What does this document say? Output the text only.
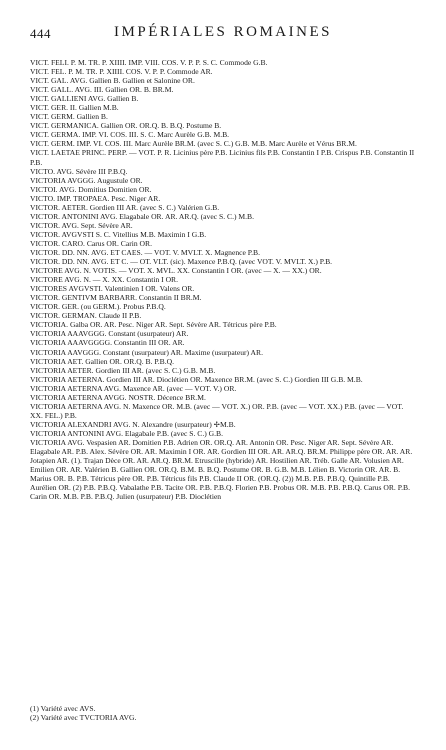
444	IMPÉRIALES ROMAINES

VICT. FELI. P. M. TR. P. XIIII. IMP. VIII. COS. V. P. P. S. C. Commode G.B.

VICT. FEL. P. M. TR. P. XIIII. COS. V. P. P. Commode AR.

VICT. GAL. AVG. Gallien B. Gallien et Salonine OR.

VICT. GALL. AVG. III. Gallien OR. B. BR.M.

VICT. GALLIENI AVG. Gallien B.

VICT. GER. II. Gallien M.B.

VICT. GERM. Gallien B.

VICT. GERMANICA. Gallien OR. OR.Q. B. B.Q. Postume B.

VICT. GERMA. IMP. VI. COS. III. S. C. Marc Aurèle G.B. M.B.

VICT. GERM. IMP. VI. COS. III. Marc Aurèle BR.M. (avec S. C.) G.B. M.B. Marc Aurèle et Vérus BR.M.

VICT. LAETAE PRINC. PERP. — VOT. P. R. Licinius père P.B. Licinius fils P.B. Constantin I P.B. Crispus P.B. Constantin II P.B.

VICTO. AVG. Sévère III P.B.Q.

VICTORIA AVGGG. Augustule OR.

VICTOI. AVG. Domitius Domitien OR.

VICTO. IMP. TROPAEA. Pesc. Niger AR.

VICTOR. AETER. Gordien III AR. (avec S. C.) Valérien G.B.

VICTOR. ANTONINI AVG. Elagabale OR. AR. AR.Q. (avec S. C.) M.B.

VICTOR. AVG. Sept. Sévère AR.

VICTOR. AVGVSTI S. C. Vitellius M.B. Maximin I G.B.

VICTOR. CARO. Carus OR. Carin OR.

VICTOR. DD. NN. AVG. ET CAES. — VOT. V. MVLT. X. Magnence P.B.

VICTOR. DD. NN. AVG. ET C. — OT. VLT. (sic). Maxence P.B.Q. (avec VOT. V. MVLT. X.) P.B.

VICTORE AVG. N. VOTIS. — VOT. X. MVL. XX. Constantin I OR. (avec — X. — XX.) OR.

VICTORE AVG. N. — X. XX. Constantin I OR.

VICTORES AVGVSTI. Valentinien I OR. Valens OR.

VICTOR. GENTIVM BARBARR. Constantin II BR.M.

VICTOR. GER. (ou GERM.). Probus P.B.Q.

VICTOR. GERMAN. Claude II P.B.

VICTORIA. Galba OR. AR. Pesc. Niger AR. Sept. Sévère AR. Tétricus père P.B.

VICTORIA AAAVGGG. Constant (usurpateur) AR.

VICTORIA AAAVGGGG. Constantin III OR. AR.

VICTORIA AAVGGG. Constant (usurpateur) AR. Maxime (usurpateur) AR.

VICTORIA AET. Gallien OR. OR.Q. B. P.B.Q.

VICTORIA AETER. Gordien III AR. (avec S. C.) G.B. M.B.

VICTORIA AETERNA. Gordien III AR. Dioclétien OR. Maxence BR.M. (avec S. C.) Gordien III G.B. M.B.

VICTORIA AETERNA AVG. Maxence AR. (avec — VOT. V.) OR.

VICTORIA AETERNA AVGG. NOSTR. Décence BR.M.

VICTORIA AETERNA AVG. N. Maxence OR. M.B. (avec — VOT. X.) OR. P.B. (avec — VOT. XX.) P.B. (avec — VOT. XX. FEL.) P.B.

VICTORIA ALEXANDRI AVG. N. Alexandre (usurpateur) ✢M.B.

VICTORIA ANTONINI AVG. Elagabale P.B. (avec S. C.) G.B.

VICTORIA AVG. Vespasien AR. Domitien P.B. Adrien OR. OR.Q. AR. Antonin OR. Pesc. Niger AR. Sept. Sévère AR. Elagabale AR. P.B. Alex. Sévère OR. AR. Maximin I OR. AR. Gordien III OR. AR. AR.Q. BR.M. Philippe père OR. AR. AR. Jotapien AR. (1). Trajan Dèce OR. AR. AR.Q. BR.M. Etruscille (hybride) AR. Hostilien AR. Tréb. Galle AR. Volusien AR. Emilien OR. AR. Valérien B. Gallien OR. OR.Q. B.M. B. B.Q. Postume OR. B. G.B. M.B. Lélien B. Victorin OR. AR. B. Marius OR. B. P.B. Tétricus père OR. P.B. Tétricus fils P.B. Claude II OR. (OR.Q. (2)) M.B. P.B. P.B.Q. Quintille P.B. Aurélien OR. (2) P.B. P.B.Q. Vabalathe P.B. Tacite OR. P.B. P.B.Q. Florien P.B. Probus OR. M.B. P.B. P.B.Q. Carus OR. P.B. Carin OR. M.B. P.B. P.B.Q. Julien (usurpateur) P.B. Dioclétien

(1) Variété avec AVS.

(2) Variété avec TVCTORIA AVG.
